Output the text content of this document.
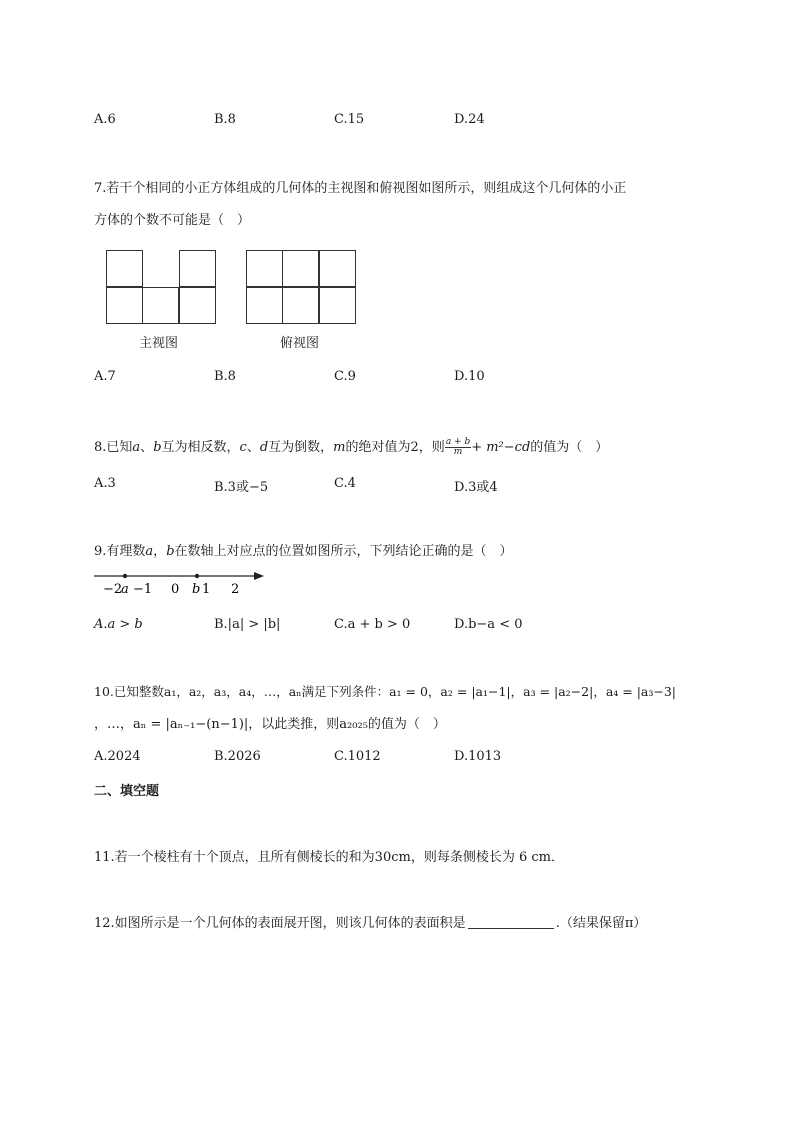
A.6	B.8	C.15	D.24
7.若干个相同的小正方体组成的几何体的主视图和俯视图如图所示，则组成这个几何体的小正
方体的个数不可能是（　）
主视图	俯视图
A.7	B.8	C.9	D.10
8.已知a、b互为相反数，c、d互为倒数，m的绝对值为2，则 $\frac{a + b}{m} + m^2-cd$的值为（　）
A.3	B.3或−5	C.4	D.3或4
9.有理数a，b在数轴上对应点的位置如图所示，下列结论正确的是（　）
−2
a −1 0 b 1 2
A.a > b	B.|a| > |b|	C.a + b > 0	D.b−a < 0
10.已知整数a₁，a₂，a₃，a₄，…，aₙ满足下列条件：a₁ = 0，a₂ = |a₁−1|，a₃ = |a₂−2|，a₄ = |a₃−3|
，…，aₙ = |aₙ₋₁−(n−1)|，以此类推，则a₂₀₂₅的值为（　）
A.2024	B.2026	C.1012	D.1013
二、填空题
11.若一个棱柱有十个顶点，且所有侧棱长的和为30cm，则每条侧棱长为 6 cm．
12.如图所示是一个几何体的表面展开图，则该几何体的表面积是	.（结果保留π）
